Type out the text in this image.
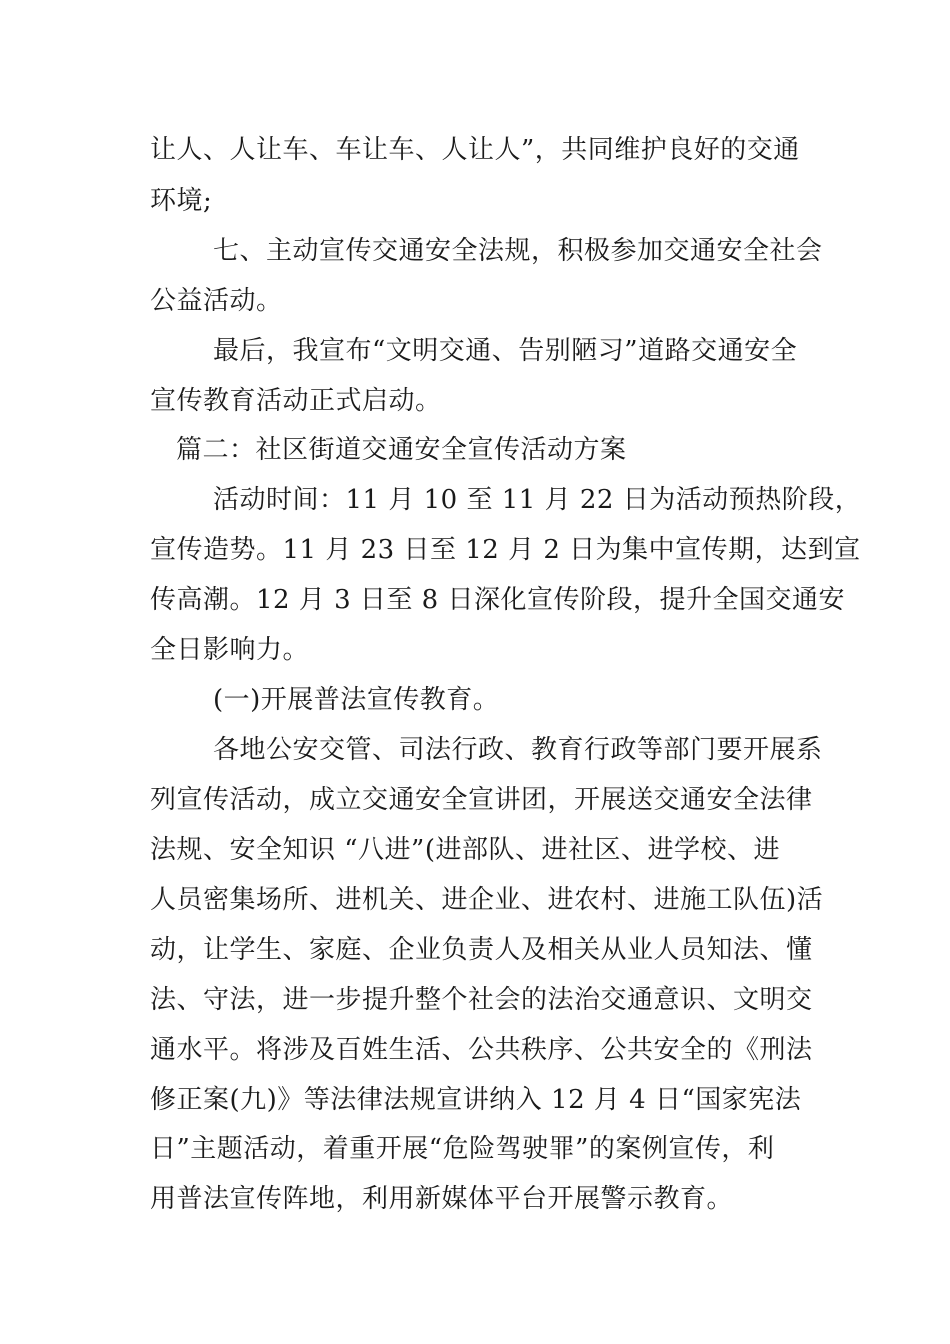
让人、人让车、车让车、人让人”，共同维护良好的交通
环境;
七、主动宣传交通安全法规，积极参加交通安全社会
公益活动。
最后，我宣布“文明交通、告别陋习”道路交通安全
宣传教育活动正式启动。
篇二：社区街道交通安全宣传活动方案
活动时间：11 月 10 至 11 月 22 日为活动预热阶段，
宣传造势。11 月 23 日至 12 月 2 日为集中宣传期，达到宣
传高潮。12 月 3 日至 8 日深化宣传阶段，提升全国交通安
全日影响力。
(一)开展普法宣传教育。
各地公安交管、司法行政、教育行政等部门要开展系
列宣传活动，成立交通安全宣讲团，开展送交通安全法律
法规、安全知识 “八进”(进部队、进社区、进学校、进
人员密集场所、进机关、进企业、进农村、进施工队伍)活
动，让学生、家庭、企业负责人及相关从业人员知法、懂
法、守法，进一步提升整个社会的法治交通意识、文明交
通水平。将涉及百姓生活、公共秩序、公共安全的《刑法
修正案(九)》等法律法规宣讲纳入 12 月 4 日“国家宪法
日”主题活动，着重开展“危险驾驶罪”的案例宣传，利
用普法宣传阵地，利用新媒体平台开展警示教育。
